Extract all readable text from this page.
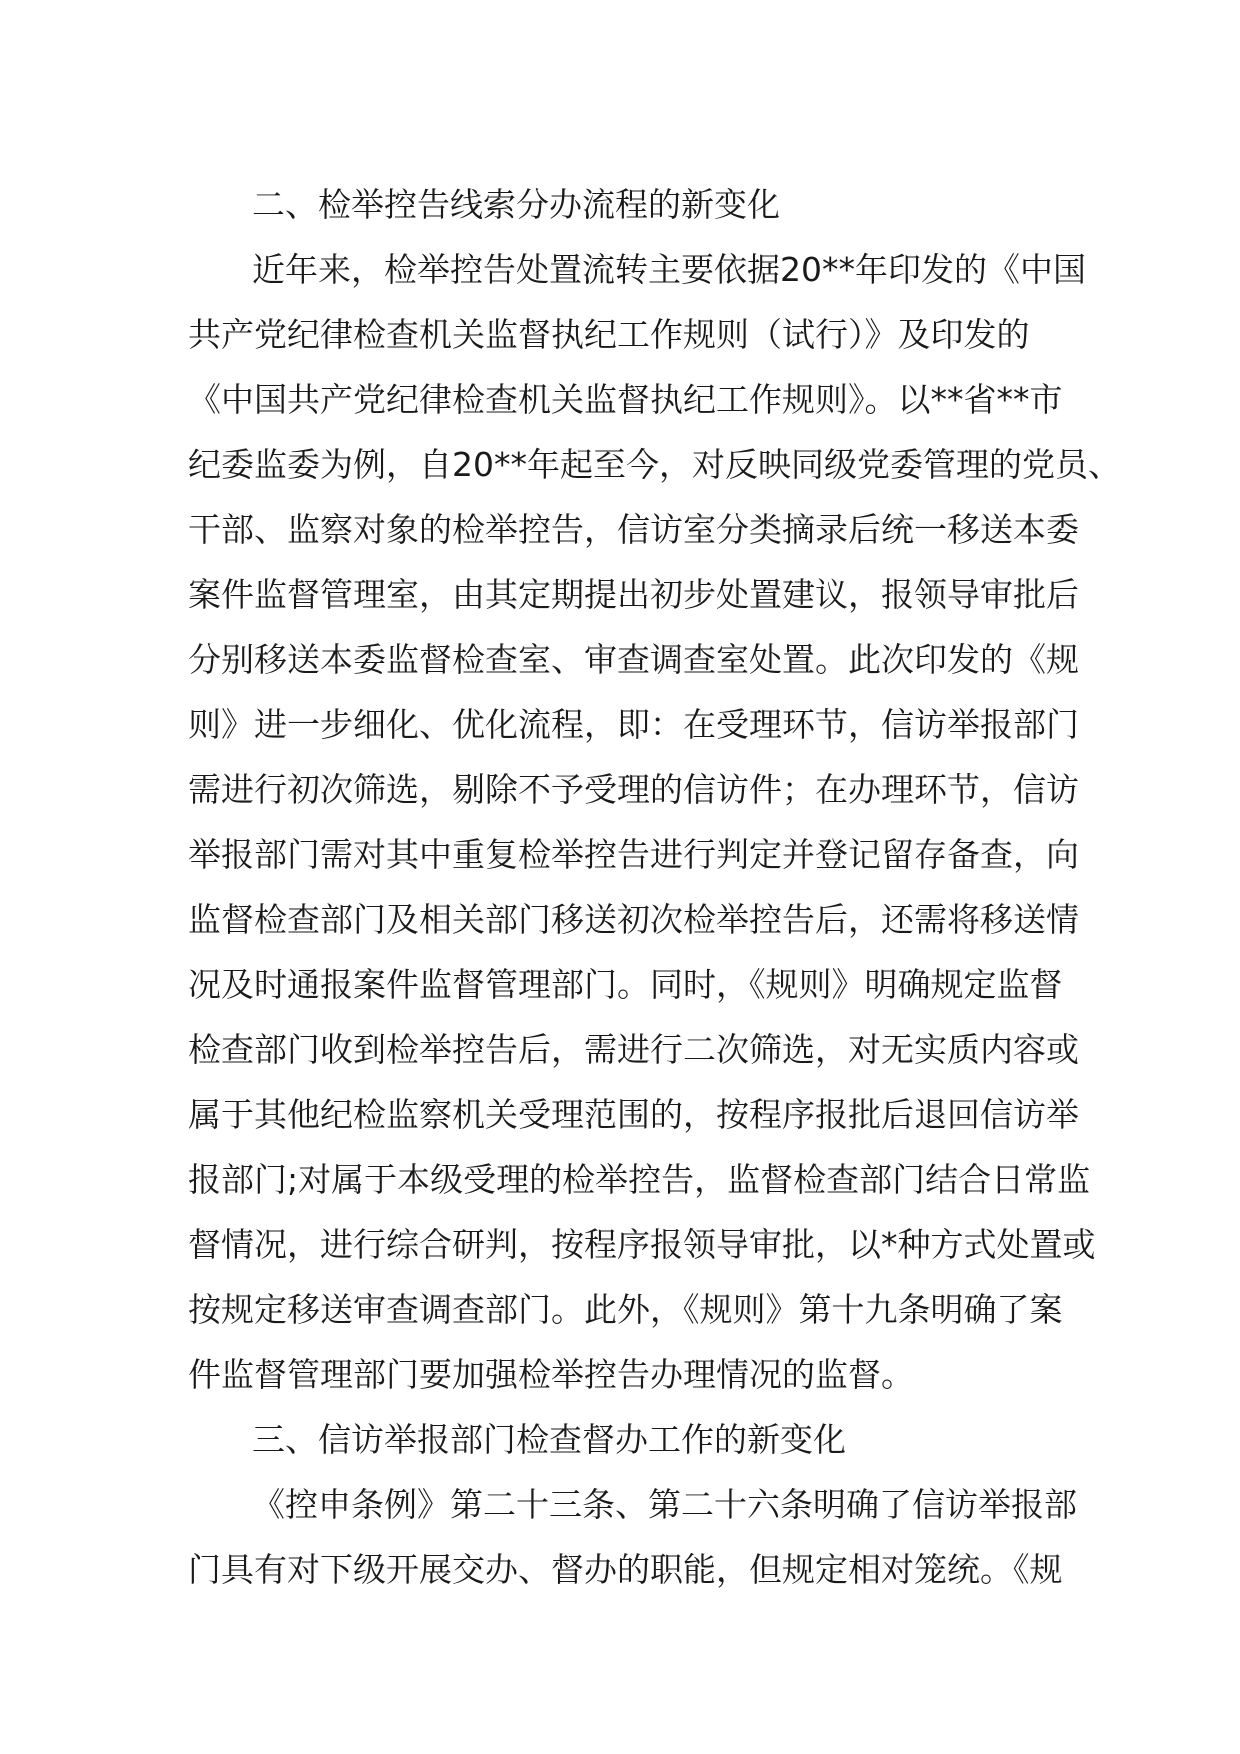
二、检举控告线索分办流程的新变化
近年来，检举控告处置流转主要依据20**年印发的《中国
共产党纪律检查机关监督执纪工作规则（试行）》及印发的
《中国共产党纪律检查机关监督执纪工作规则》。以**省**市
纪委监委为例，自20**年起至今，对反映同级党委管理的党员、
干部、监察对象的检举控告，信访室分类摘录后统一移送本委
案件监督管理室，由其定期提出初步处置建议，报领导审批后
分别移送本委监督检查室、审查调查室处置。此次印发的《规
则》进一步细化、优化流程，即：在受理环节，信访举报部门
需进行初次筛选，剔除不予受理的信访件；在办理环节，信访
举报部门需对其中重复检举控告进行判定并登记留存备查，向
监督检查部门及相关部门移送初次检举控告后，还需将移送情
况及时通报案件监督管理部门。同时，《规则》明确规定监督
检查部门收到检举控告后，需进行二次筛选，对无实质内容或
属于其他纪检监察机关受理范围的，按程序报批后退回信访举
报部门;对属于本级受理的检举控告，监督检查部门结合日常监
督情况，进行综合研判，按程序报领导审批，以*种方式处置或
按规定移送审查调查部门。此外，《规则》第十九条明确了案
件监督管理部门要加强检举控告办理情况的监督。
三、信访举报部门检查督办工作的新变化
《控申条例》第二十三条、第二十六条明确了信访举报部
门具有对下级开展交办、督办的职能，但规定相对笼统。《规
